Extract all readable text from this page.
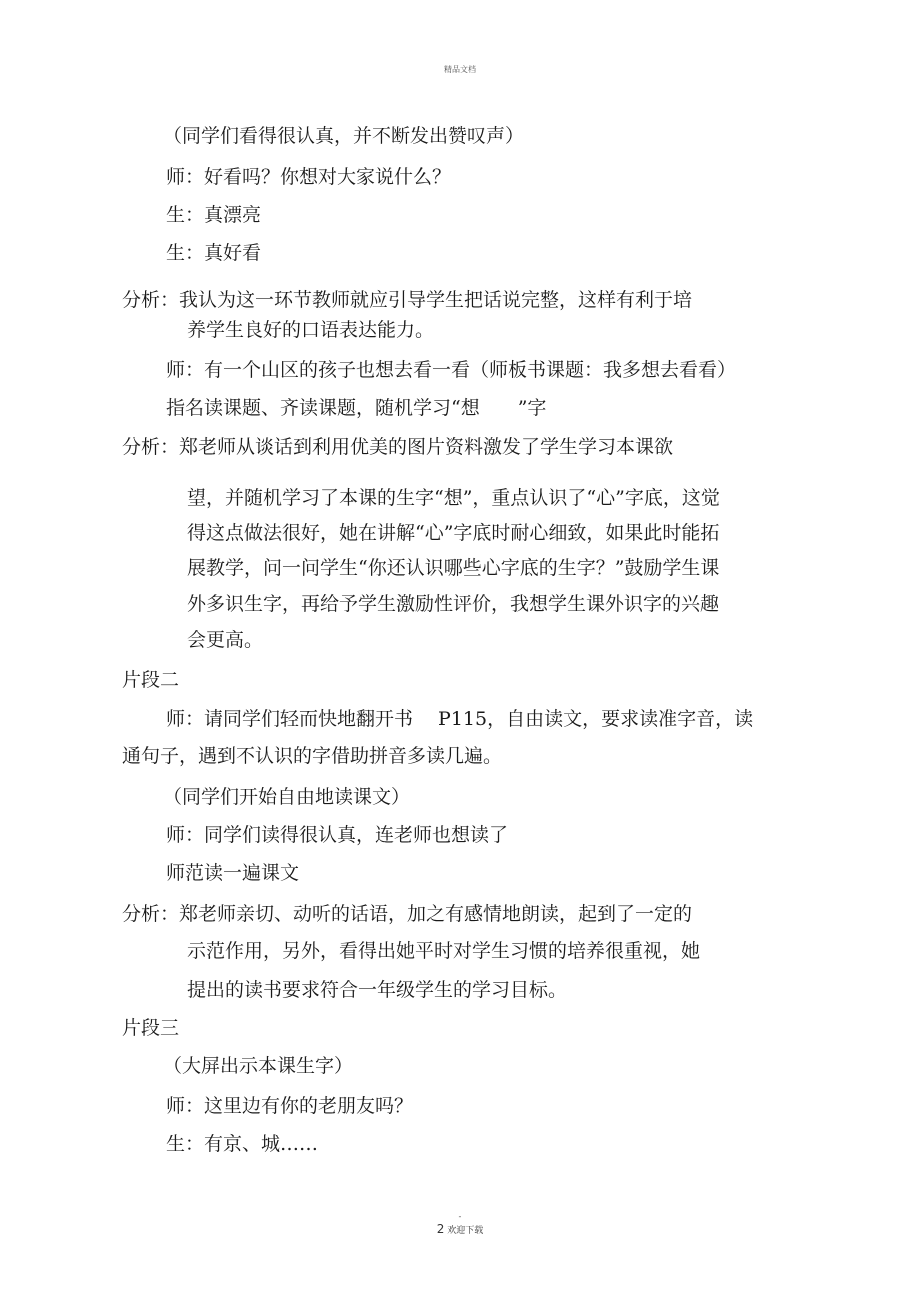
精品文档
（同学们看得很认真，并不断发出赞叹声）
师：好看吗？你想对大家说什么？
生：真漂亮
生：真好看
分析：我认为这一环节教师就应引导学生把话说完整，这样有利于培
养学生良好的口语表达能力。
师：有一个山区的孩子也想去看一看（师板书课题：我多想去看看）
指名读课题、齐读课题，随机学习“想　　”字
分析：郑老师从谈话到利用优美的图片资料激发了学生学习本课欲
望，并随机学习了本课的生字“想”，重点认识了“心”字底，这觉
得这点做法很好，她在讲解“心”字底时耐心细致，如果此时能拓
展教学，问一问学生“你还认识哪些心字底的生字？”鼓励学生课
外多识生字，再给予学生激励性评价，我想学生课外识字的兴趣
会更高。
片段二
师：请同学们轻而快地翻开书　 P115，自由读文，要求读准字音，读
通句子，遇到不认识的字借助拼音多读几遍。
（同学们开始自由地读课文）
师：同学们读得很认真，连老师也想读了
师范读一遍课文
分析：郑老师亲切、动听的话语，加之有感情地朗读，起到了一定的
示范作用，另外，看得出她平时对学生习惯的培养很重视，她
提出的读书要求符合一年级学生的学习目标。
片段三
（大屏出示本课生字）
师：这里边有你的老朋友吗？
生：有京、城……
-
2 欢迎下载
